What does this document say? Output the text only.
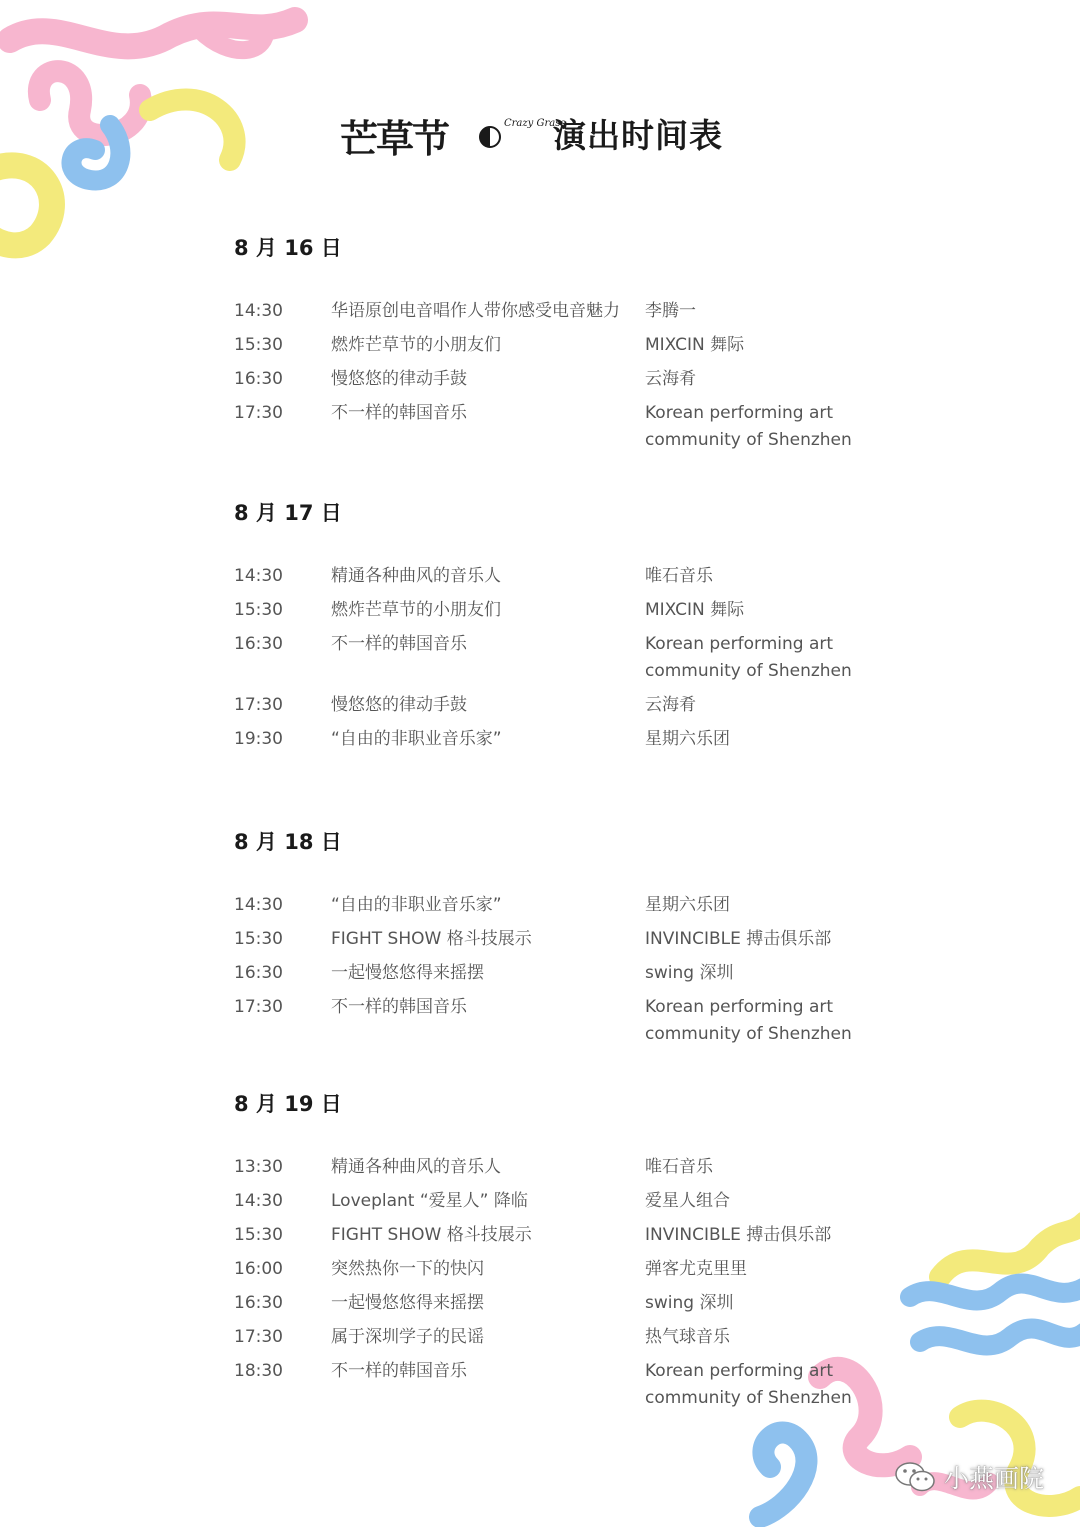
芒草节	Crazy Grass
演出时间表
8 月 16 日
14:30	华语原创电音唱作人带你感受电音魅力	李腾一
15:30	燃炸芒草节的小朋友们	MIXCIN 舞际
16:30	慢悠悠的律动手鼓	云海肴
17:30	不一样的韩国音乐	Korean performing art community of Shenzhen
8 月 17 日
14:30	精通各种曲风的音乐人	唯石音乐
15:30	燃炸芒草节的小朋友们	MIXCIN 舞际
16:30	不一样的韩国音乐	Korean performing art community of Shenzhen
17:30	慢悠悠的律动手鼓	云海肴
19:30	“自由的非职业音乐家”	星期六乐团
8 月 18 日
14:30	“自由的非职业音乐家”	星期六乐团
15:30	FIGHT SHOW 格斗技展示	INVINCIBLE 搏击俱乐部
16:30	一起慢悠悠得来摇摆	swing 深圳
17:30	不一样的韩国音乐	Korean performing art community of Shenzhen
8 月 19 日
13:30	精通各种曲风的音乐人	唯石音乐
14:30	Loveplant “爱星人” 降临	爱星人组合
15:30	FIGHT SHOW 格斗技展示	INVINCIBLE 搏击俱乐部
16:00	突然热你一下的快闪	弹客尤克里里
16:30	一起慢悠悠得来摇摆	swing 深圳
17:30	属于深圳学子的民谣	热气球音乐
18:30	不一样的韩国音乐	Korean performing art community of Shenzhen
小燕画院
